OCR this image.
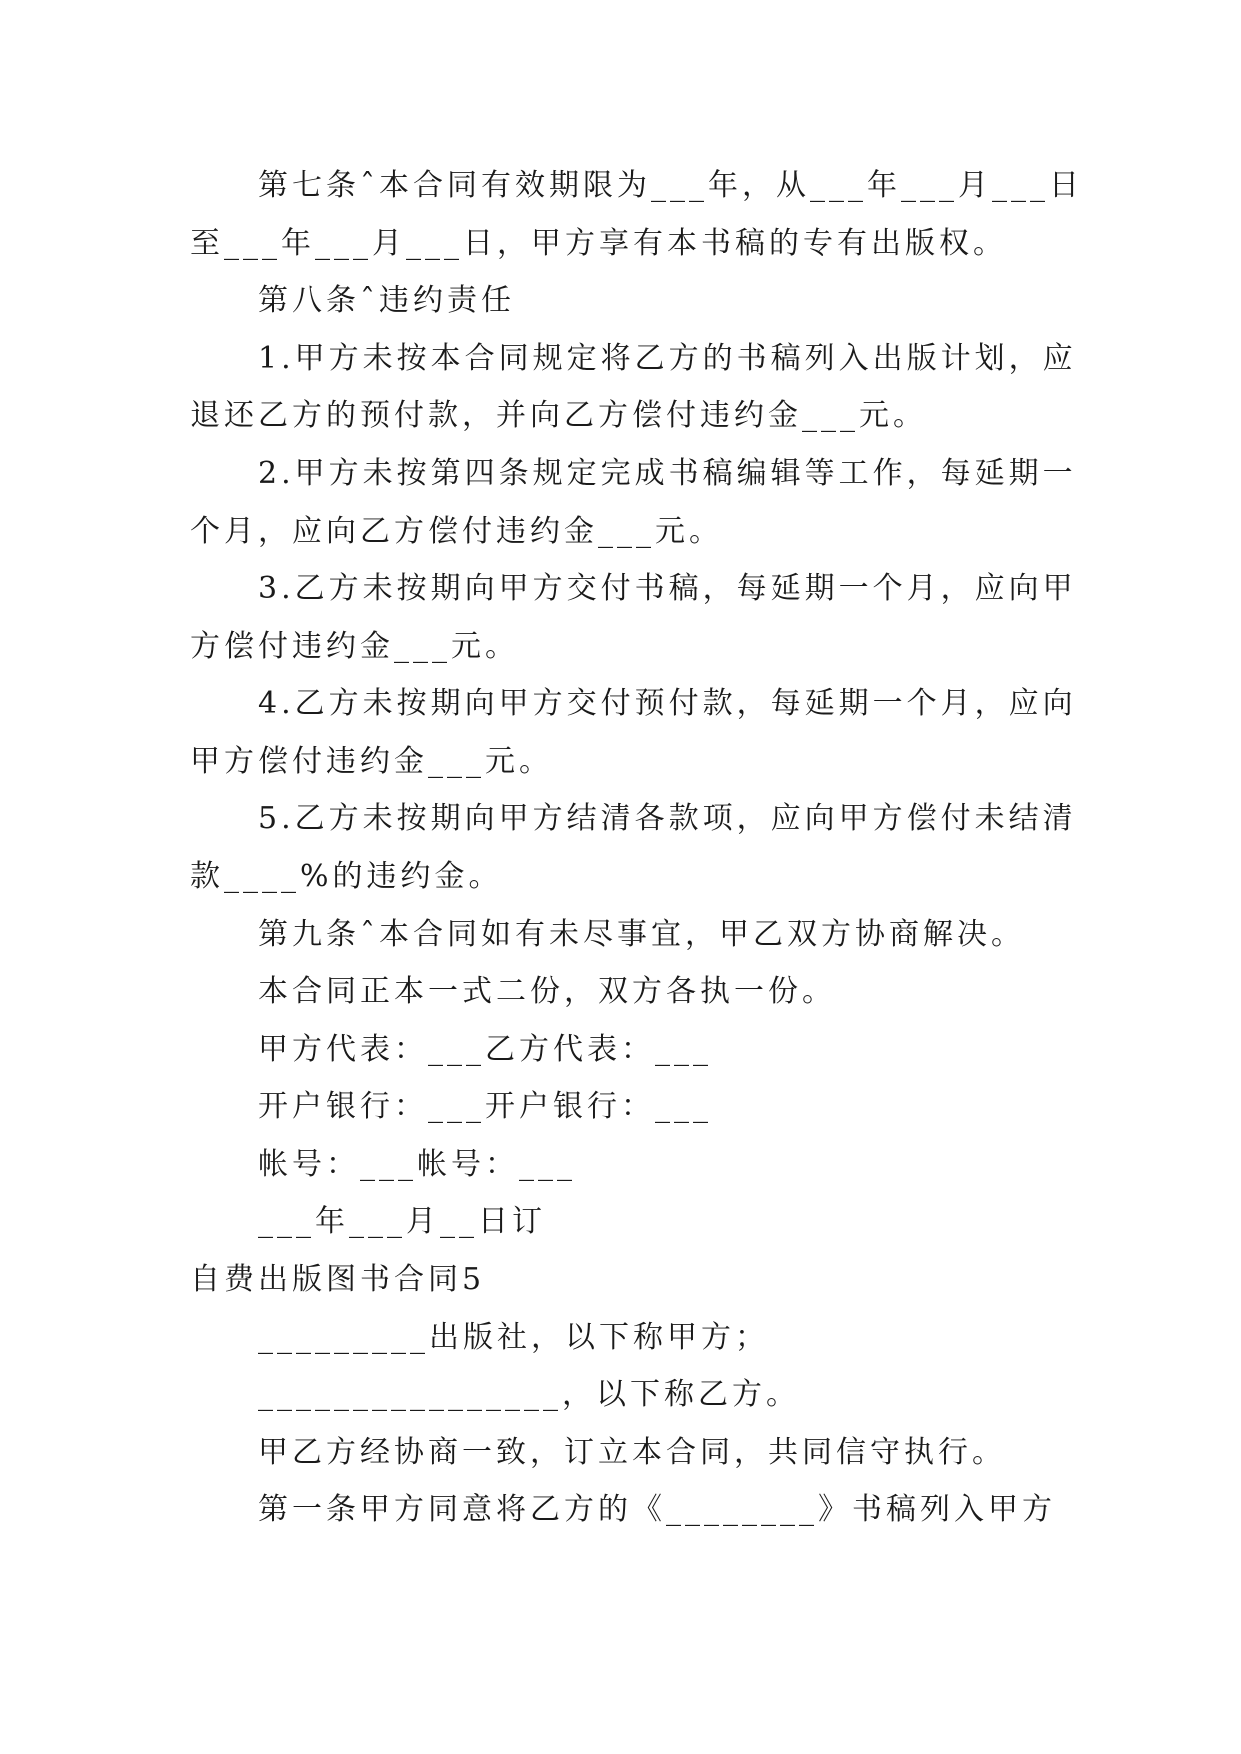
第七条ˆ本合同有效期限为___年，从___年___月___日
至___年___月___日，甲方享有本书稿的专有出版权。
第八条ˆ违约责任
1.甲方未按本合同规定将乙方的书稿列入出版计划，应
退还乙方的预付款，并向乙方偿付违约金___元。
2.甲方未按第四条规定完成书稿编辑等工作，每延期一
个月，应向乙方偿付违约金___元。
3.乙方未按期向甲方交付书稿，每延期一个月，应向甲
方偿付违约金___元。
4.乙方未按期向甲方交付预付款，每延期一个月，应向
甲方偿付违约金___元。
5.乙方未按期向甲方结清各款项，应向甲方偿付未结清
款____%的违约金。
第九条ˆ本合同如有未尽事宜，甲乙双方协商解决。
本合同正本一式二份，双方各执一份。
甲方代表：___乙方代表：___
开户银行：___开户银行：___
帐号：___帐号：___
___年___月__日订
自费出版图书合同5
_________出版社，以下称甲方；
________________，以下称乙方。
甲乙方经协商一致，订立本合同，共同信守执行。
第一条甲方同意将乙方的《________》书稿列入甲方
